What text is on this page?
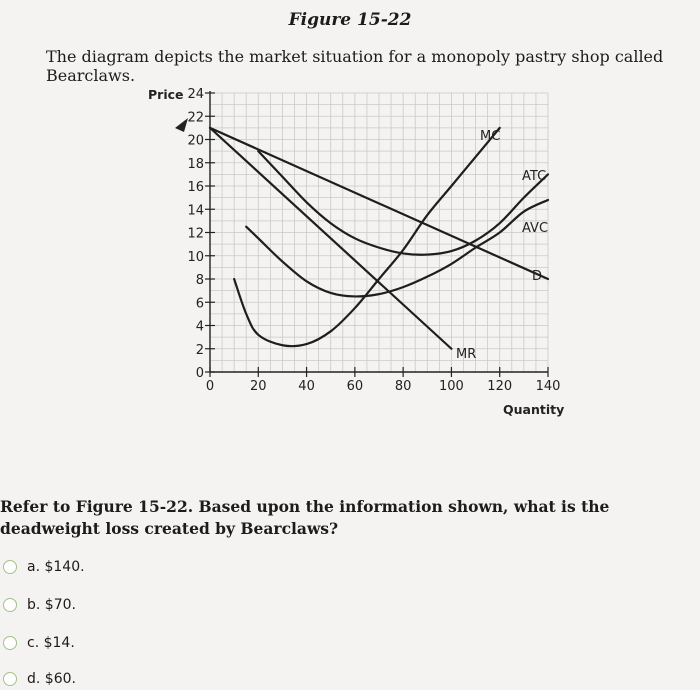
Figure 15-22
The diagram depicts the market situation for a monopoly pastry shop called Bearclaws.
0
2
4
6
8
10
12
14
16
18
20
22
24
0	20 40 60 80 100 120 140
Price
Quantity
MC
ATC
AVC
D
MR
Refer to Figure 15-22. Based upon the information shown, what is the deadweight loss created by Bearclaws?
a. $140.
b. $70.
c. $14.
d. $60.
